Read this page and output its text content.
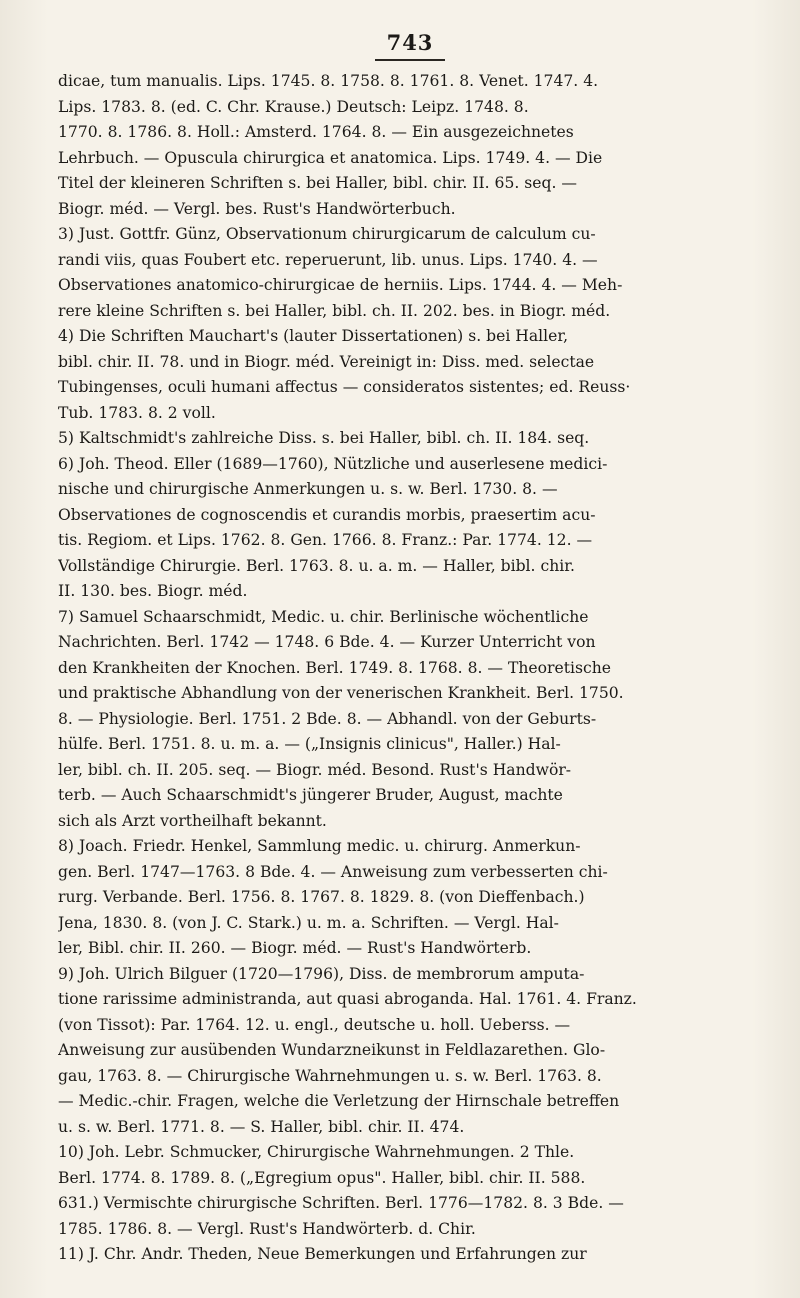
743
dicae, tum manualis. Lips. 1745. 8. 1758. 8. 1761. 8. Venet. 1747. 4.
Lips. 1783. 8. (ed. C. Chr. Krause.) Deutsch: Leipz. 1748. 8.
1770. 8. 1786. 8. Holl.: Amsterd. 1764. 8. — Ein ausgezeichnetes
Lehrbuch. — Opuscula chirurgica et anatomica. Lips. 1749. 4. — Die
Titel der kleineren Schriften s. bei Haller, bibl. chir. II. 65. seq. —
Biogr. méd. — Vergl. bes. Rust's Handwörterbuch.
3) Just. Gottfr. Günz, Observationum chirurgicarum de calculum cu-
randi viis, quas Foubert etc. reperuerunt, lib. unus. Lips. 1740. 4. —
Observationes anatomico-chirurgicae de herniis. Lips. 1744. 4. — Meh-
rere kleine Schriften s. bei Haller, bibl. ch. II. 202. bes. in Biogr. méd.
4) Die Schriften Mauchart's (lauter Dissertationen) s. bei Haller,
bibl. chir. II. 78. und in Biogr. méd. Vereinigt in: Diss. med. selectae
Tubingenses, oculi humani affectus — consideratos sistentes; ed. Reuss·
Tub. 1783. 8. 2 voll.
5) Kaltschmidt's zahlreiche Diss. s. bei Haller, bibl. ch. II. 184. seq.
6) Joh. Theod. Eller (1689—1760), Nützliche und auserlesene medici-
nische und chirurgische Anmerkungen u. s. w. Berl. 1730. 8. —
Observationes de cognoscendis et curandis morbis, praesertim acu-
tis. Regiom. et Lips. 1762. 8. Gen. 1766. 8. Franz.: Par. 1774. 12. —
Vollständige Chirurgie. Berl. 1763. 8. u. a. m. — Haller, bibl. chir.
II. 130. bes. Biogr. méd.
7) Samuel Schaarschmidt, Medic. u. chir. Berlinische wöchentliche
Nachrichten. Berl. 1742 — 1748. 6 Bde. 4. — Kurzer Unterricht von
den Krankheiten der Knochen. Berl. 1749. 8. 1768. 8. — Theoretische
und praktische Abhandlung von der venerischen Krankheit. Berl. 1750.
8. — Physiologie. Berl. 1751. 2 Bde. 8. — Abhandl. von der Geburts-
hülfe. Berl. 1751. 8. u. m. a. — („Insignis clinicus", Haller.) Hal-
ler, bibl. ch. II. 205. seq. — Biogr. méd. Besond. Rust's Handwör-
terb. — Auch Schaarschmidt's jüngerer Bruder, August, machte
sich als Arzt vortheilhaft bekannt.
8) Joach. Friedr. Henkel, Sammlung medic. u. chirurg. Anmerkun-
gen. Berl. 1747—1763. 8 Bde. 4. — Anweisung zum verbesserten chi-
rurg. Verbande. Berl. 1756. 8. 1767. 8. 1829. 8. (von Dieffenbach.)
Jena, 1830. 8. (von J. C. Stark.) u. m. a. Schriften. — Vergl. Hal-
ler, Bibl. chir. II. 260. — Biogr. méd. — Rust's Handwörterb.
9) Joh. Ulrich Bilguer (1720—1796), Diss. de membrorum amputa-
tione rarissime administranda, aut quasi abroganda. Hal. 1761. 4. Franz.
(von Tissot): Par. 1764. 12. u. engl., deutsche u. holl. Ueberss. —
Anweisung zur ausübenden Wundarzneikunst in Feldlazarethen. Glo-
gau, 1763. 8. — Chirurgische Wahrnehmungen u. s. w. Berl. 1763. 8.
— Medic.-chir. Fragen, welche die Verletzung der Hirnschale betreffen
u. s. w. Berl. 1771. 8. — S. Haller, bibl. chir. II. 474.
10) Joh. Lebr. Schmucker, Chirurgische Wahrnehmungen. 2 Thle.
Berl. 1774. 8. 1789. 8. („Egregium opus". Haller, bibl. chir. II. 588.
631.) Vermischte chirurgische Schriften. Berl. 1776—1782. 8. 3 Bde. —
1785. 1786. 8. — Vergl. Rust's Handwörterb. d. Chir.
11) J. Chr. Andr. Theden, Neue Bemerkungen und Erfahrungen zur
